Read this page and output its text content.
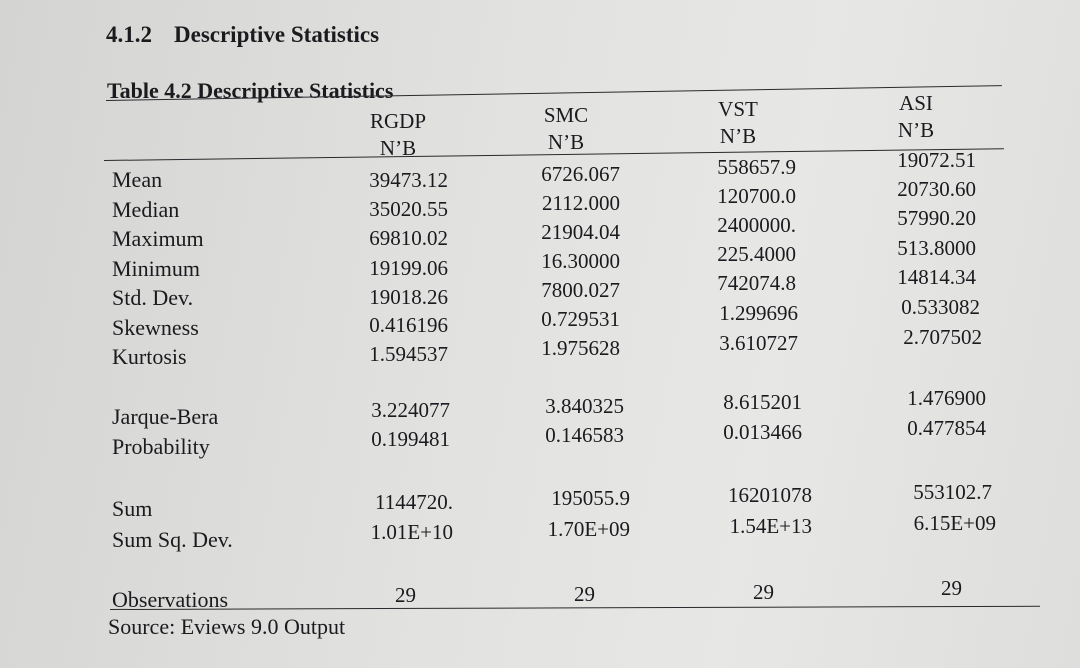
4.1.2 Descriptive Statistics
Table 4.2 Descriptive Statistics
RGDP
N’B
SMC
N’B
VST
N’B
ASI
N’B
Mean
Median
Maximum
Minimum
Std. Dev.
Skewness
Kurtosis
Jarque-Bera
Probability
Sum
Sum Sq. Dev.
Observations
39473.12
35020.55
69810.02
19199.06
19018.26
0.416196
1.594537
3.224077
0.199481
1144720.
1.01E+10
29
6726.067
2112.000
21904.04
16.30000
7800.027
0.729531
1.975628
3.840325
0.146583
195055.9
1.70E+09
29
558657.9
120700.0
2400000.
225.4000
742074.8
1.299696
3.610727
8.615201
0.013466
16201078
1.54E+13
29
19072.51
20730.60
57990.20
513.8000
14814.34
0.533082
2.707502
1.476900
0.477854
553102.7
6.15E+09
29
Source: Eviews 9.0 Output
